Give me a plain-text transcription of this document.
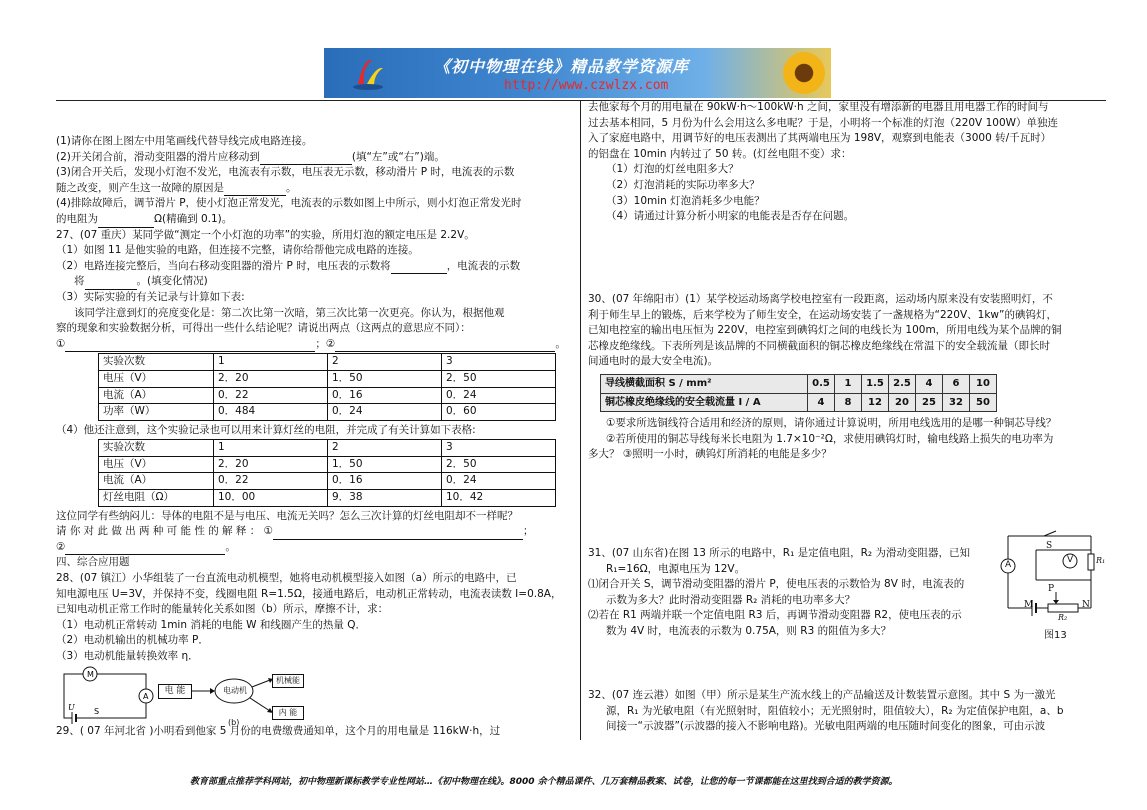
《初中物理在线》精品教学资源库
http://www.czwlzx.com

(1)请你在图上图左中用笔画线代替导线完成电路连接。

(2)开关闭合前，滑动变阻器的滑片应移动到	(填“左”或“右”)端。

(3)闭合开关后，发现小灯泡不发光，电流表有示数，电压表无示数，移动滑片 P 时，电流表的示数

随之改变，则产生这一故障的原因是	。

(4)排除故障后，调节滑片 P，使小灯泡正常发光，电流表的示数如图上中所示，则小灯泡正常发光时

的电阻为	Ω(精确到 0.1)。

27、(07 重庆）某同学做“测定一个小灯泡的功率”的实验，所用灯泡的额定电压是 2.2V。

（1）如图 11 是他实验的电路，但连接不完整，请你给帮他完成电路的连接。

（2）电路连接完整后，当向右移动变阻器的滑片 P 时，电压表的示数将	，电流表的示数

将	。(填变化情况)

（3）实际实验的有关记录与计算如下表:

该同学注意到灯的亮度变化是：第二次比第一次暗，第三次比第一次更亮。你认为，根据他观

察的现象和实验数据分析，可得出一些什么结论呢？请说出两点（这两点的意思应不同）：

①	；②	。

实验次数	1	2	3
电压（V）	2．20	1．50	2．50
电流（A）	0．22	0．16	0．24
功率（W）	0．484	0．24	0．60

（4）他还注意到，这个实验记录也可以用来计算灯丝的电阻，并完成了有关计算如下表格:

实验次数	1	2	3
电压（V）	2．20	1．50	2．50
电流（A）	0．22	0．16	0．24
灯丝电阻（Ω）	10．00	9．38	10．42

这位同学有些纳闷儿：导体的电阻不是与电压、电流无关吗？怎么三次计算的灯丝电阻却不一样呢？

请 你 对 此 做 出 两 种 可 能 性 的 解 释 ： ①	；

②	。

四、综合应用题

28、(07 镇江）小华组装了一台直流电动机模型，她将电动机模型接入如图（a）所示的电路中，已

知电源电压 U=3V，并保持不变，线圈电阻 R=1.5Ω，接通电路后，电动机正常转动，电流表读数 I=0.8A，

已知电动机正常工作时的能量转化关系如图（b）所示，摩擦不计，求：

（1）电动机正常转动 1min 消耗的电能 W 和线圈产生的热量 Q．

（2）电动机输出的机械功率 P．

（3）电动机能量转换效率 η．

M
A
U S
电 能	电动机
机械能
内 能
(b)

29、( 07 年河北省 )小明看到他家 5 月份的电费缴费通知单，这个月的用电量是 116kW·h，过

去他家每个月的用电量在 90kW·h～100kW·h 之间，家里没有增添新的电器且用电器工作的时间与

过去基本相同，5 月份为什么会用这么多电呢？于是，小明将一个标准的灯泡（220V 100W）单独连

入了家庭电路中，用调节好的电压表测出了其两端电压为 198V，观察到电能表（3000 转/千瓦时）

的铝盘在 10min 内转过了 50 转。(灯丝电阻不变）求：

（1）灯泡的灯丝电阻多大？

（2）灯泡消耗的实际功率多大？

（3）10min 灯泡消耗多少电能？

（4）请通过计算分析小明家的电能表是否存在问题。

30、(07 年绵阳市）(1）某学校运动场离学校电控室有一段距离，运动场内原来没有安装照明灯，不

利于师生早上的锻炼，后来学校为了师生安全，在运动场安装了一盏规格为“220V、1kw”的碘钨灯，

已知电控室的输出电压恒为 220V，电控室到碘钨灯之间的电线长为 100m，所用电线为某个品牌的铜

芯橡皮绝缘线。下表所列是该品牌的不同横截面积的铜芯橡皮绝缘线在常温下的安全载流量（即长时

间通电时的最大安全电流)。

导线横截面积 S / mm²	0.5	1	1.5	2.5	4	6	10
铜芯橡皮绝缘线的安全载流量 I / A	4	8	12	20	25	32	50

①要求所选铜线符合适用和经济的原则，请你通过计算说明，所用电线选用的是哪一种铜芯导线？

②若所使用的铜芯导线每米长电阻为 1.7×10⁻²Ω，求使用碘钨灯时，输电线路上损失的电功率为

多大？ ③照明一小时，碘钨灯所消耗的电能是多少？

31、(07 山东省)在图 13 所示的电路中，R₁ 是定值电阻，R₂ 为滑动变阻器，已知

R₁=16Ω，电源电压为 12V。

⑴闭合开关 S，调节滑动变阻器的滑片 P，使电压表的示数恰为 8V 时，电流表的

示数为多大？此时滑动变阻器 R₂ 消耗的电功率多大？

⑵若在 R1 两端并联一个定值电阻 R3 后，再调节滑动变阻器 R2，使电压表的示

数为 4V 时，电流表的示数为 0.75A，则 R3 的阻值为多大？

S
V
A	R₁
P
M	N
R₂
图13

32、(07 连云港）如图（甲）所示是某生产流水线上的产品输送及计数装置示意图。其中 S 为一激光

源，R₁ 为光敏电阻（有光照射时，阻值较小；无光照射时，阻值较大），R₂ 为定值保护电阻，a、b

间接一“示波器”(示波器的接入不影响电路)。光敏电阻两端的电压随时间变化的图象，可由示波

教育部重点推荐学科网站，初中物理新课标教学专业性网站…《初中物理在线》。8000 余个精品课件、几万套精品教案、试卷，让您的每一节课都能在这里找到合适的教学资源。
